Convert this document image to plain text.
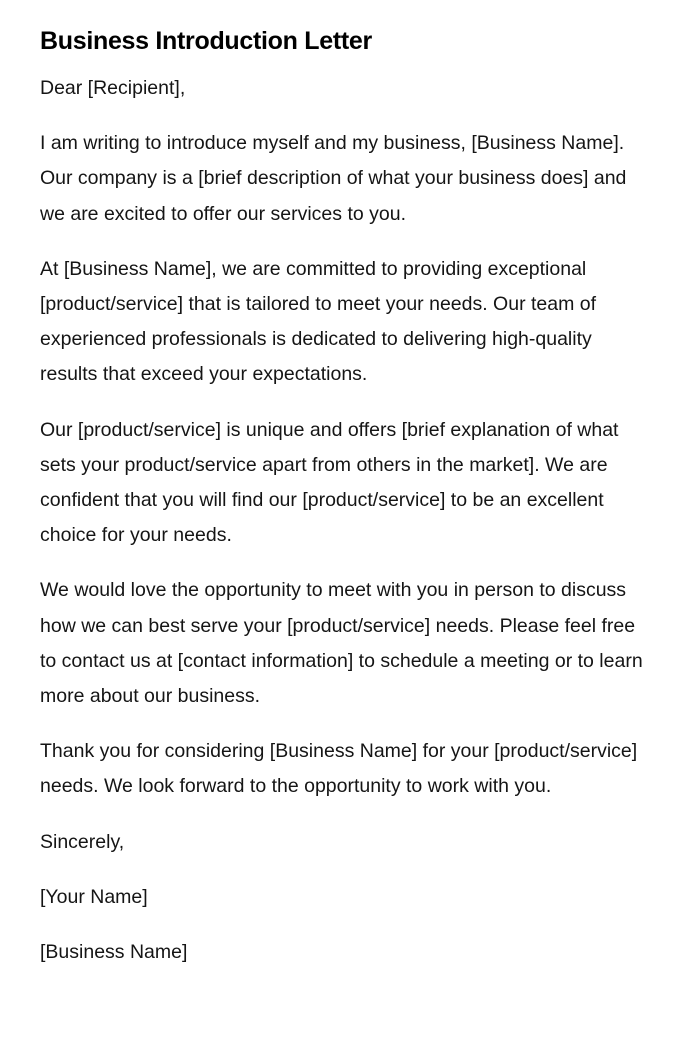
Business Introduction Letter

Dear [Recipient],

I am writing to introduce myself and my business, [Business Name]. Our company is a [brief description of what your business does] and we are excited to offer our services to you.

At [Business Name], we are committed to providing exceptional [product/service] that is tailored to meet your needs. Our team of experienced professionals is dedicated to delivering high-quality results that exceed your expectations.

Our [product/service] is unique and offers [brief explanation of what sets your product/service apart from others in the market]. We are confident that you will find our [product/service] to be an excellent choice for your needs.

We would love the opportunity to meet with you in person to discuss how we can best serve your [product/service] needs. Please feel free to contact us at [contact information] to schedule a meeting or to learn more about our business.

Thank you for considering [Business Name] for your [product/service] needs. We look forward to the opportunity to work with you.

Sincerely,

[Your Name]

[Business Name]
